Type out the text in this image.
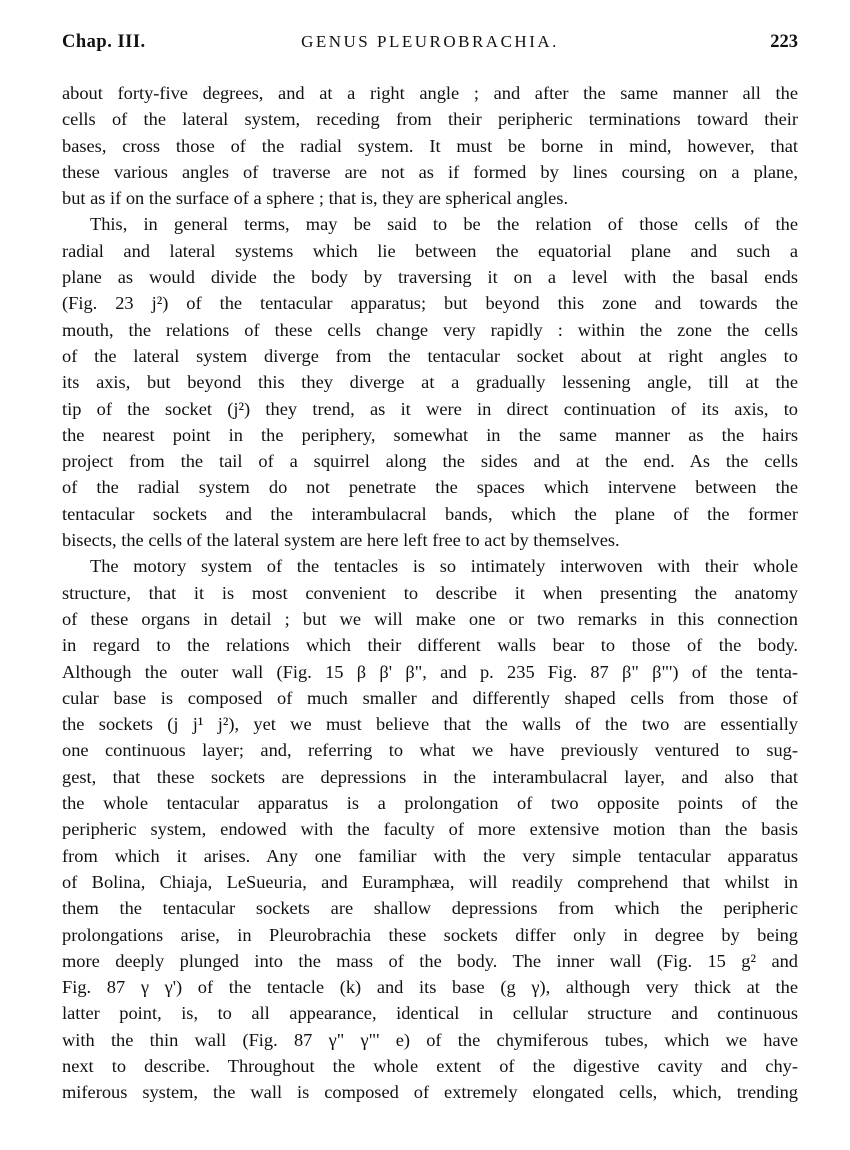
Chap. III.	GENUS PLEUROBRACHIA.	223
about forty-five degrees, and at a right angle ; and after the same manner all the
cells of the lateral system, receding from their peripheric terminations toward their
bases, cross those of the radial system. It must be borne in mind, however, that
these various angles of traverse are not as if formed by lines coursing on a plane,
but as if on the surface of a sphere ; that is, they are spherical angles.
This, in general terms, may be said to be the relation of those cells of the
radial and lateral systems which lie between the equatorial plane and such a
plane as would divide the body by traversing it on a level with the basal ends
(Fig. 23 j²) of the tentacular apparatus; but beyond this zone and towards the
mouth, the relations of these cells change very rapidly : within the zone the cells
of the lateral system diverge from the tentacular socket about at right angles to
its axis, but beyond this they diverge at a gradually lessening angle, till at the
tip of the socket (j²) they trend, as it were in direct continuation of its axis, to
the nearest point in the periphery, somewhat in the same manner as the hairs
project from the tail of a squirrel along the sides and at the end. As the cells
of the radial system do not penetrate the spaces which intervene between the
tentacular sockets and the interambulacral bands, which the plane of the former
bisects, the cells of the lateral system are here left free to act by themselves.
The motory system of the tentacles is so intimately interwoven with their whole
structure, that it is most convenient to describe it when presenting the anatomy
of these organs in detail ; but we will make one or two remarks in this connection
in regard to the relations which their different walls bear to those of the body.
Although the outer wall (Fig. 15 β β' β", and p. 235 Fig. 87 β" β"') of the tenta-
cular base is composed of much smaller and differently shaped cells from those of
the sockets (j j¹ j²), yet we must believe that the walls of the two are essentially
one continuous layer; and, referring to what we have previously ventured to sug-
gest, that these sockets are depressions in the interambulacral layer, and also that
the whole tentacular apparatus is a prolongation of two opposite points of the
peripheric system, endowed with the faculty of more extensive motion than the basis
from which it arises. Any one familiar with the very simple tentacular apparatus
of Bolina, Chiaja, LeSueuria, and Euramphæa, will readily comprehend that whilst in
them the tentacular sockets are shallow depressions from which the peripheric
prolongations arise, in Pleurobrachia these sockets differ only in degree by being
more deeply plunged into the mass of the body. The inner wall (Fig. 15 g² and
Fig. 87 γ γ') of the tentacle (k) and its base (g γ), although very thick at the
latter point, is, to all appearance, identical in cellular structure and continuous
with the thin wall (Fig. 87 γ" γ"' e) of the chymiferous tubes, which we have
next to describe. Throughout the whole extent of the digestive cavity and chy-
miferous system, the wall is composed of extremely elongated cells, which, trending
